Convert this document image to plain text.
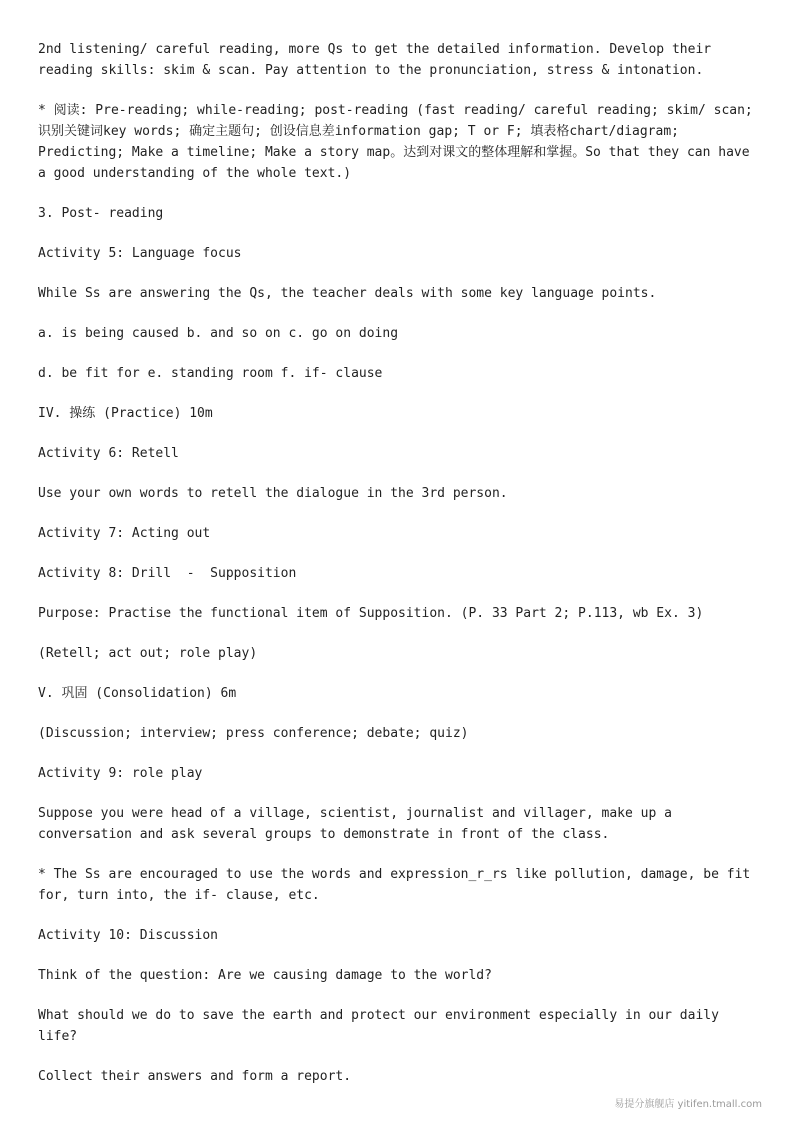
2nd listening/ careful reading, more Qs to get the detailed information. Develop their reading skills: skim & scan. Pay attention to the pronunciation, stress & intonation.

* 阅读: Pre-reading; while-reading; post-reading (fast reading/ careful reading; skim/ scan; 识别关键词key words; 确定主题句; 创设信息差information gap; T or F; 填表格chart/diagram; Predicting; Make a timeline; Make a story map。达到对课文的整体理解和掌握。So that they can have a good understanding of the whole text.)

3. Post- reading

Activity 5: Language focus

While Ss are answering the Qs, the teacher deals with some key language points.

a. is being caused b. and so on c. go on doing

d. be fit for e. standing room f. if- clause

IV. 操练 (Practice) 10m

Activity 6: Retell

Use your own words to retell the dialogue in the 3rd person.

Activity 7: Acting out

Activity 8: Drill  -  Supposition

Purpose: Practise the functional item of Supposition. (P. 33 Part 2; P.113, wb Ex. 3)

(Retell; act out; role play)

V. 巩固 (Consolidation) 6m

(Discussion; interview; press conference; debate; quiz)

Activity 9: role play

Suppose you were head of a village, scientist, journalist and villager, make up a conversation and ask several groups to demonstrate in front of the class.

* The Ss are encouraged to use the words and expression_r_rs like pollution, damage, be fit for, turn into, the if- clause, etc.

Activity 10: Discussion

Think of the question: Are we causing damage to the world?

What should we do to save the earth and protect our environment especially in our daily life?

Collect their answers and form a report.

易提分旗舰店 yitifen.tmall.com
